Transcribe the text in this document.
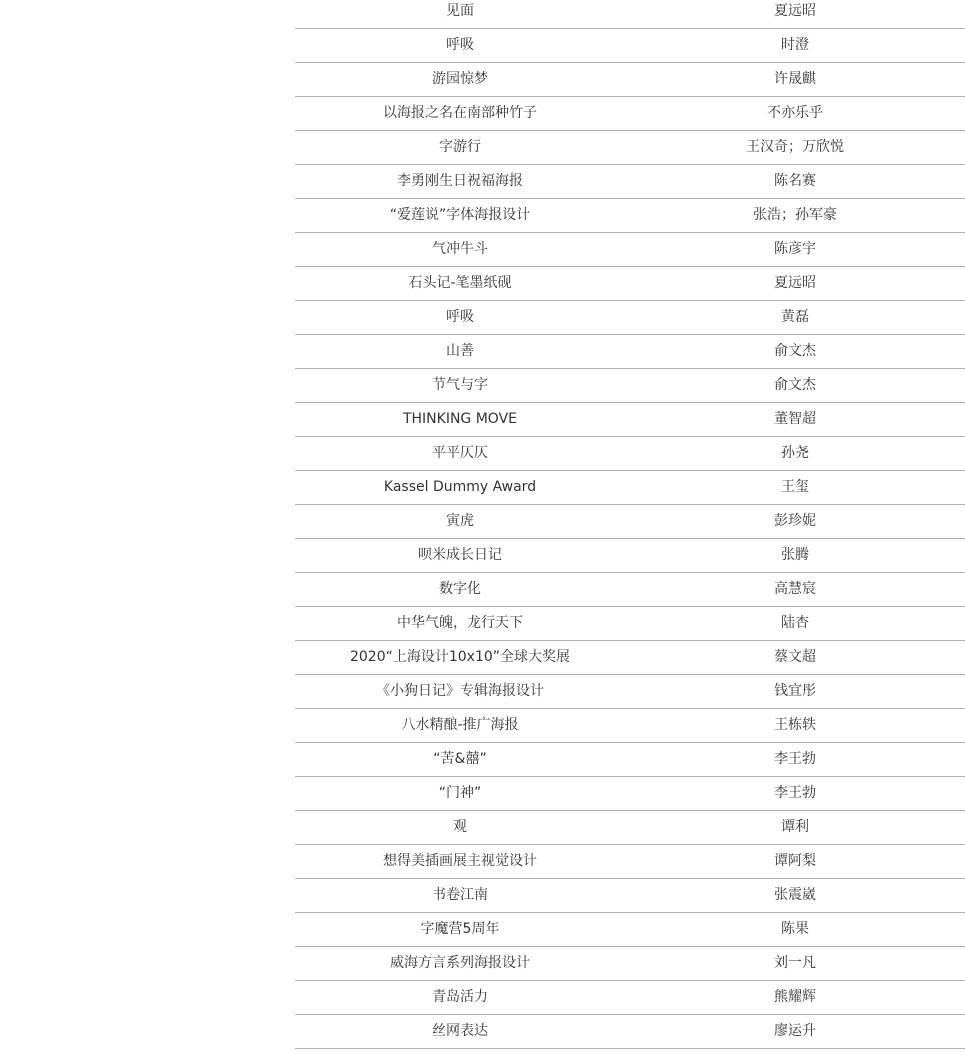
见面	夏远昭
呼吸	时澄
游园惊梦	许晟麒
以海报之名在南部种竹子	不亦乐乎
字游行	王汉奇；万欣悦
李勇刚生日祝福海报	陈名赛
“爱莲说”字体海报设计	张浩；孙军豪
气冲牛斗	陈彦宇
石头记-笔墨纸砚	夏远昭
呼吸	黄磊
山善	俞文杰
节气与字	俞文杰
THINKING MOVE	董智超
平平仄仄	孙尧
Kassel Dummy Award	王玺
寅虎	彭珍妮
呗米成长日记	张腾
数字化	高慧宸
中华气魄，龙行天下	陆杏
2020“上海设计10x10”全球大奖展	蔡文超
《小狗日记》专辑海报设计	钱宜彤
八水精酿-推广海报	王栋轶
“苦&囍”	李王勃
“门神”	李王勃
观	谭利
想得美插画展主视觉设计	谭阿梨
书卷江南	张震崴
字魔营5周年	陈果
威海方言系列海报设计	刘一凡
青岛活力	熊耀辉
丝网表达	廖运升
